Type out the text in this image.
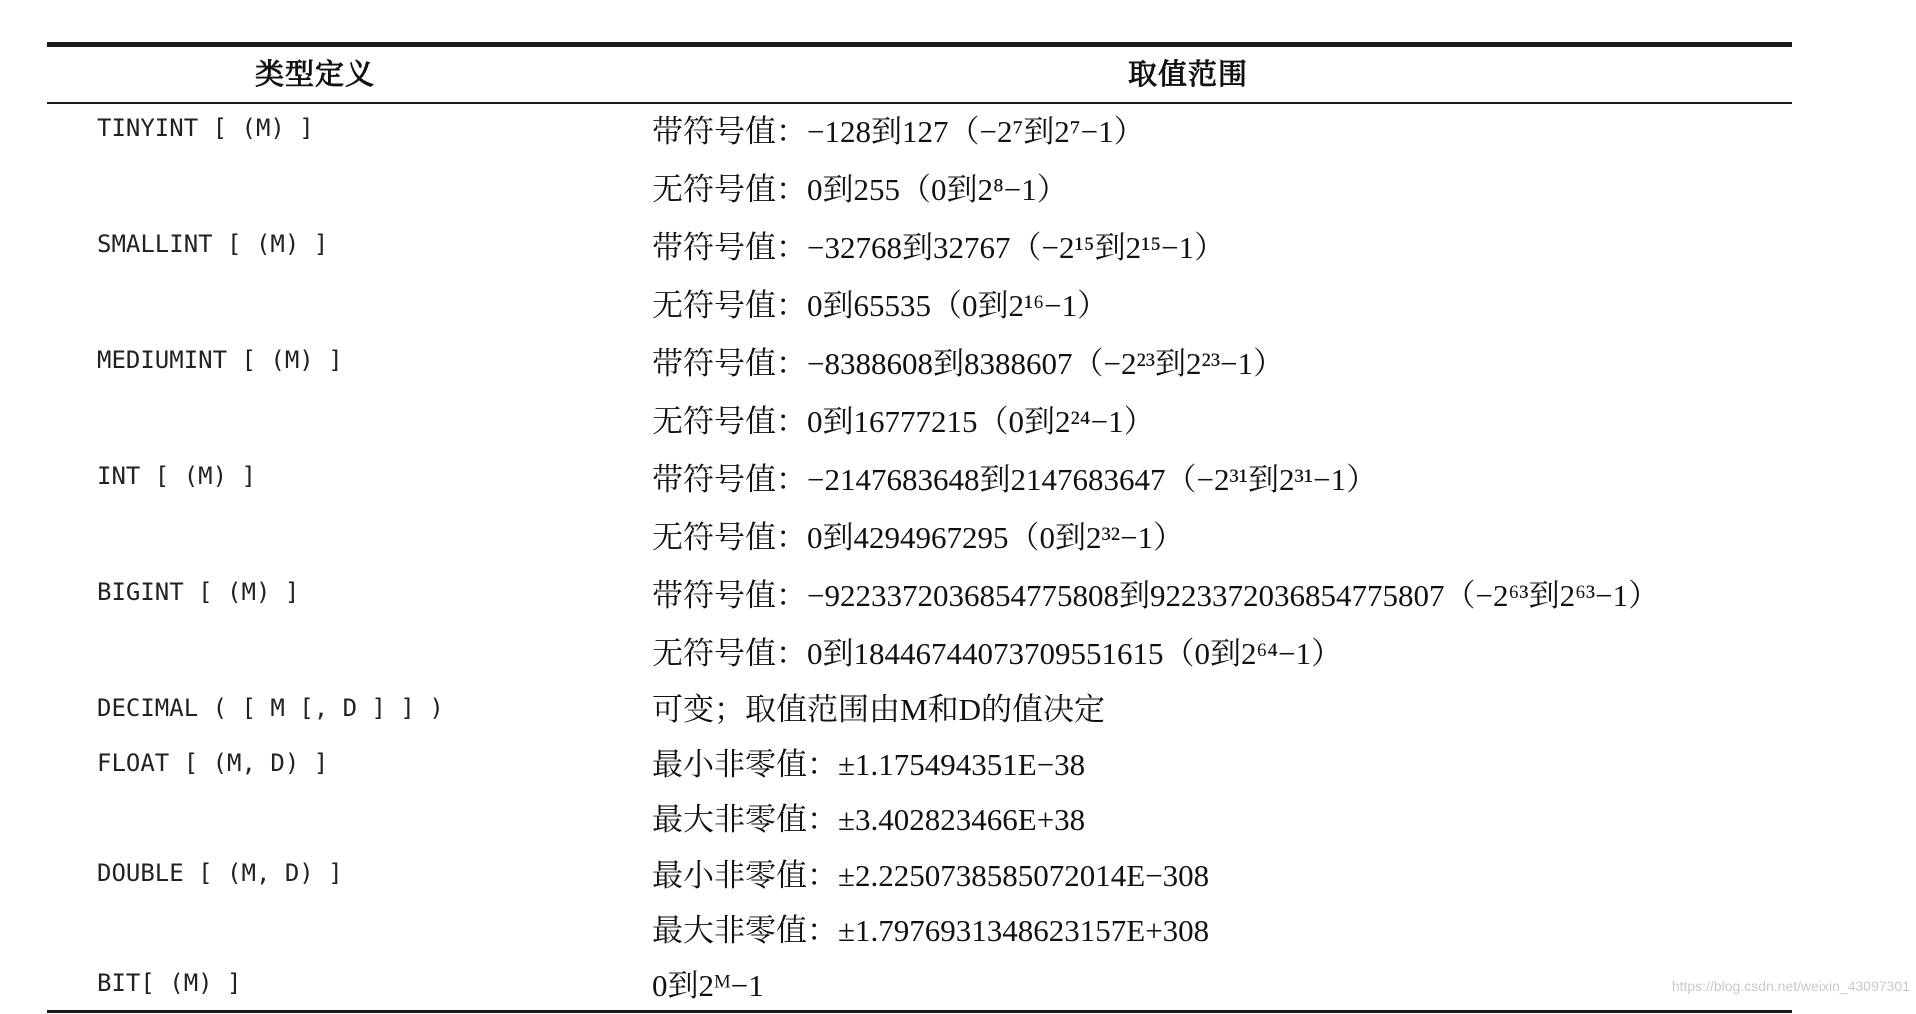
类型定义	取值范围
TINYINT [ (M) ]
SMALLINT [ (M) ]
MEDIUMINT [ (M) ]
INT [ (M) ]
BIGINT [ (M) ]
DECIMAL ( [ M [, D ] ] )
FLOAT [ (M, D) ]
DOUBLE [ (M, D) ]
BIT[ (M) ]
带符号值：−128到127（−2⁷到2⁷−1）
无符号值：0到255（0到2⁸−1）
带符号值：−32768到32767（−2¹⁵到2¹⁵−1）
无符号值：0到65535（0到2¹⁶−1）
带符号值：−8388608到8388607（−2²³到2²³−1）
无符号值：0到16777215（0到2²⁴−1）
带符号值：−2147683648到2147683647（−2³¹到2³¹−1）
无符号值：0到4294967295（0到2³²−1）
带符号值：−9223372036854775808到9223372036854775807（−2⁶³到2⁶³−1）
无符号值：0到18446744073709551615（0到2⁶⁴−1）
可变；取值范围由M和D的值决定
最小非零值：±1.175494351E−38
最大非零值：±3.402823466E+38
最小非零值：±2.2250738585072014E−308
最大非零值：±1.7976931348623157E+308
0到2ᴹ−1	https://blog.csdn.net/weixin_43097301
